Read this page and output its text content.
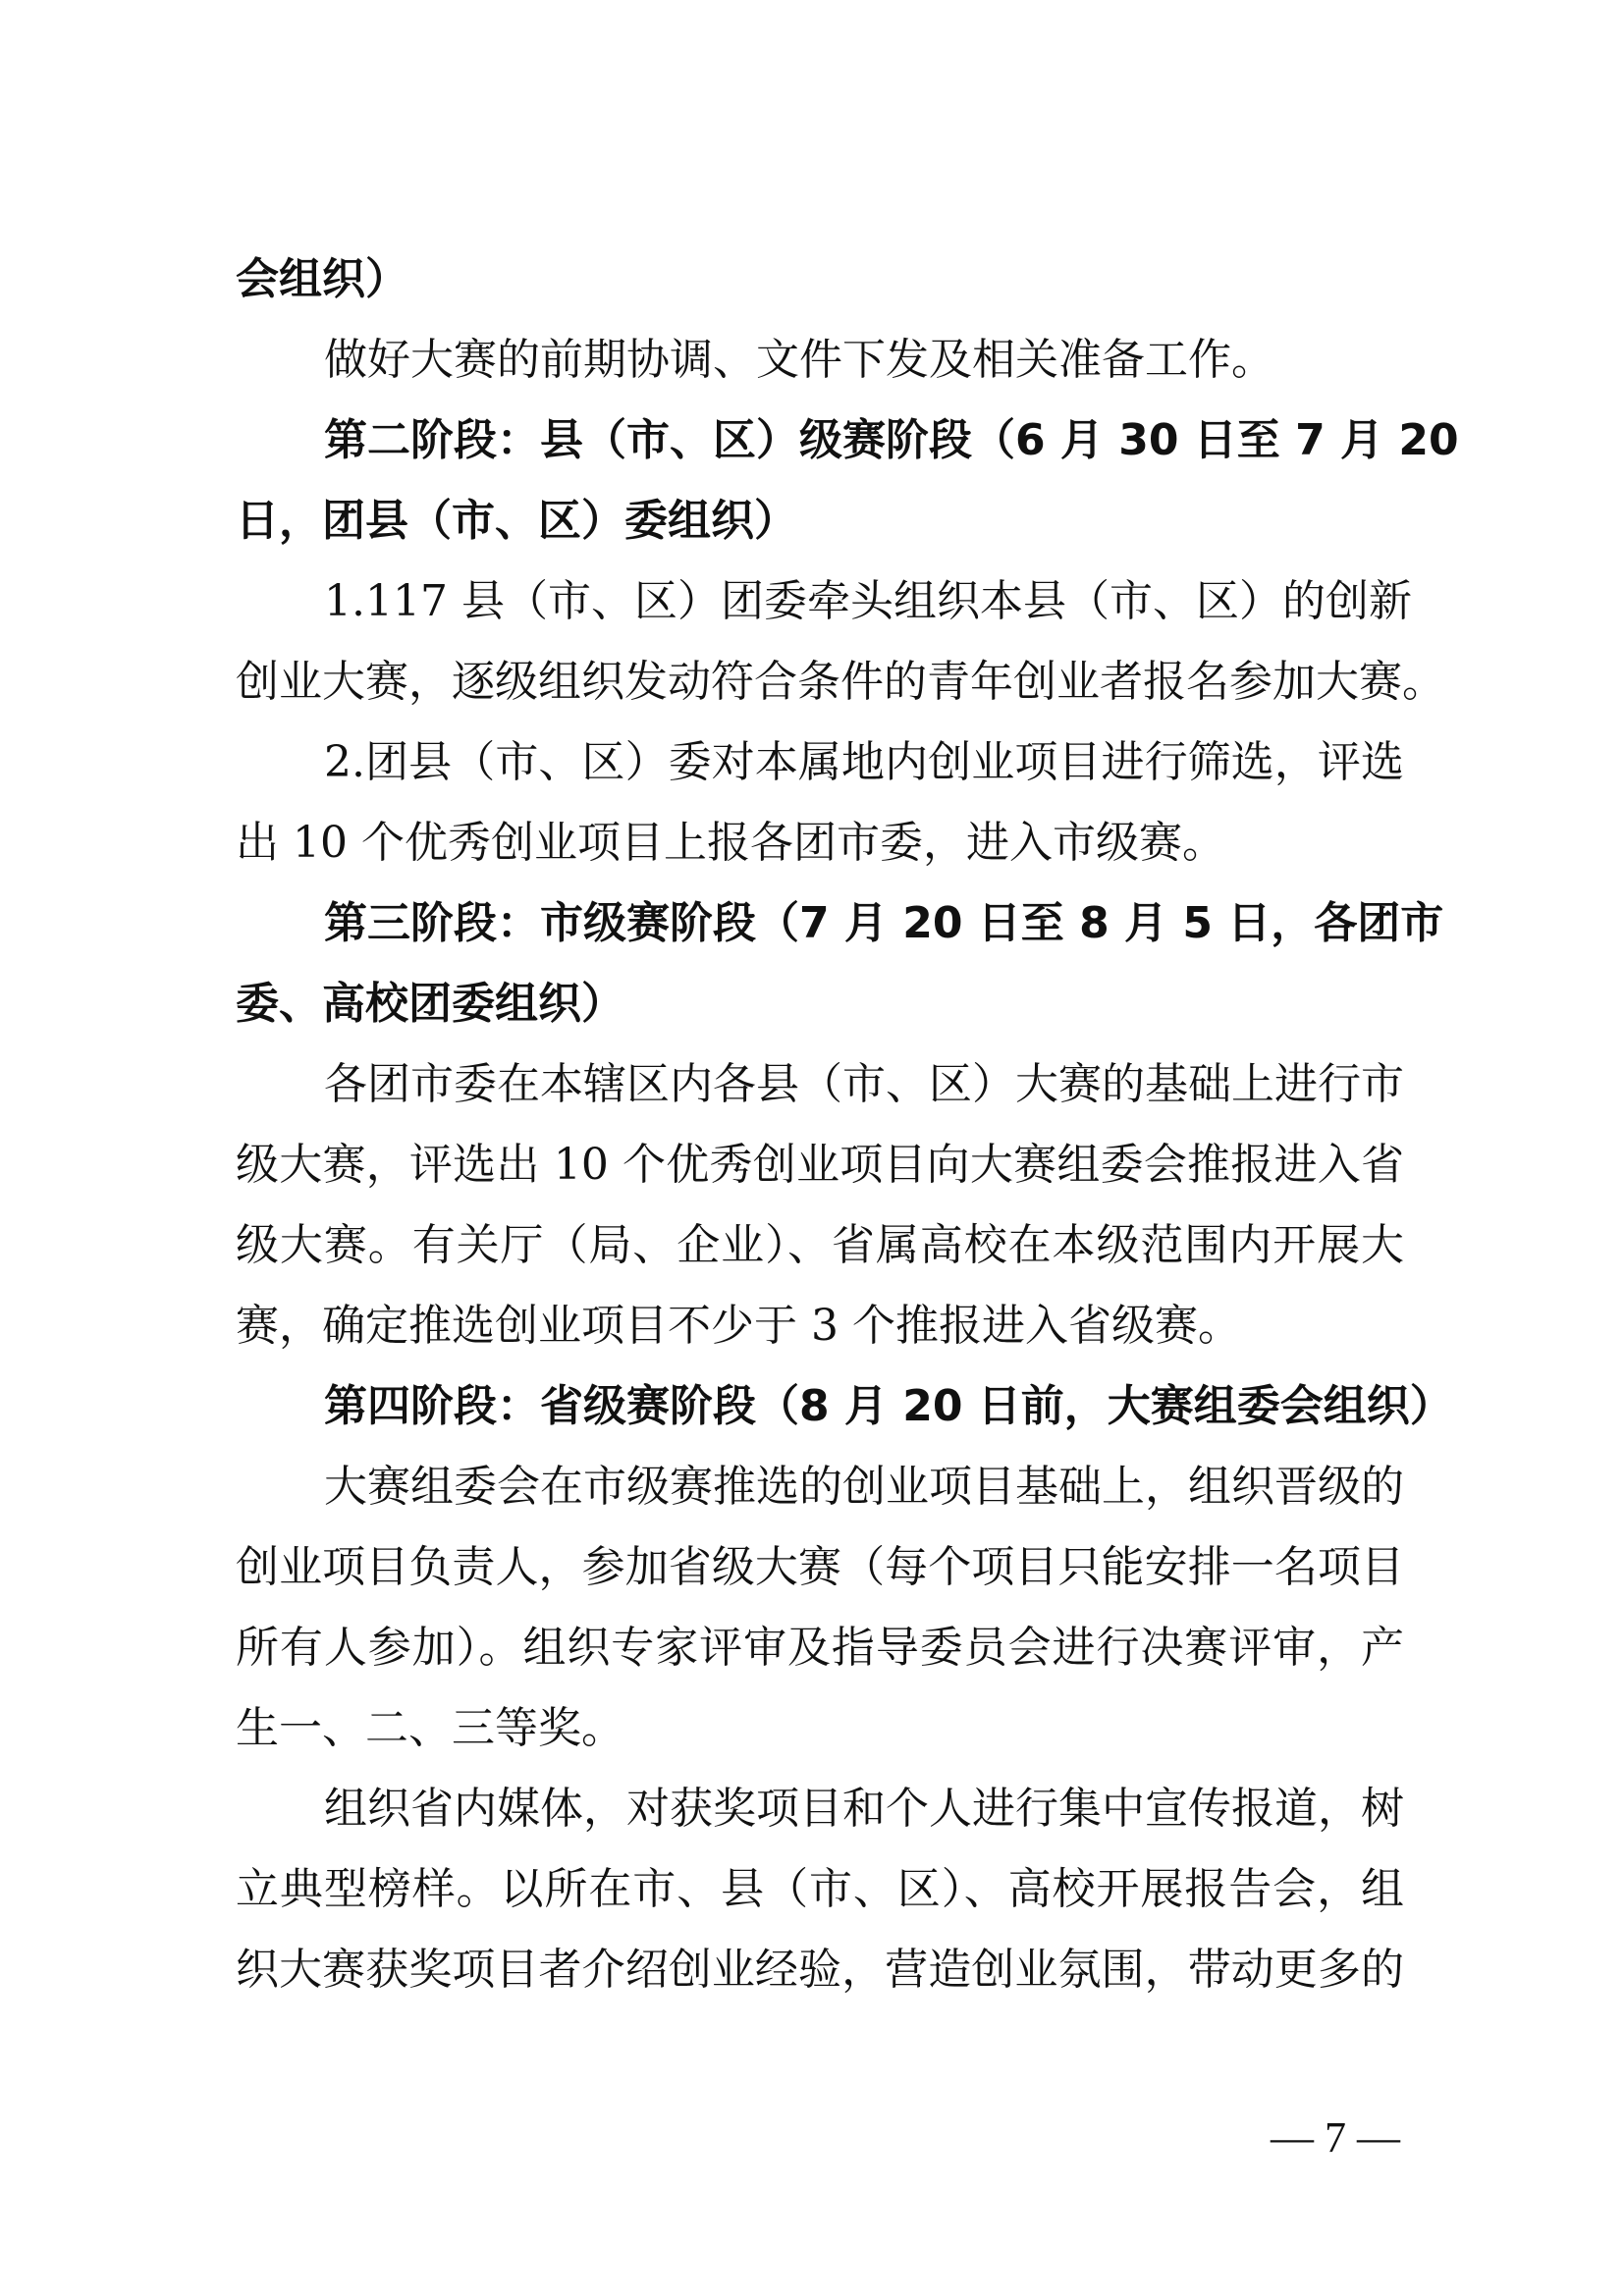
会组织）
做好大赛的前期协调、文件下发及相关准备工作。
第二阶段：县（市、区）级赛阶段（6 月 30 日至 7 月 20
日，团县（市、区）委组织）
1.117 县（市、区）团委牵头组织本县（市、区）的创新
创业大赛，逐级组织发动符合条件的青年创业者报名参加大赛。
2.团县（市、区）委对本属地内创业项目进行筛选，评选
出 10 个优秀创业项目上报各团市委，进入市级赛。
第三阶段：市级赛阶段（7 月 20 日至 8 月 5 日，各团市
委、高校团委组织）
各团市委在本辖区内各县（市、区）大赛的基础上进行市
级大赛，评选出 10 个优秀创业项目向大赛组委会推报进入省
级大赛。有关厅（局、企业）、省属高校在本级范围内开展大
赛，确定推选创业项目不少于 3 个推报进入省级赛。
第四阶段：省级赛阶段（8 月 20 日前，大赛组委会组织）
大赛组委会在市级赛推选的创业项目基础上，组织晋级的
创业项目负责人，参加省级大赛（每个项目只能安排一名项目
所有人参加）。组织专家评审及指导委员会进行决赛评审，产
生一、二、三等奖。
组织省内媒体，对获奖项目和个人进行集中宣传报道，树
立典型榜样。以所在市、县（市、区）、高校开展报告会，组
织大赛获奖项目者介绍创业经验，营造创业氛围，带动更多的
— 7 —
